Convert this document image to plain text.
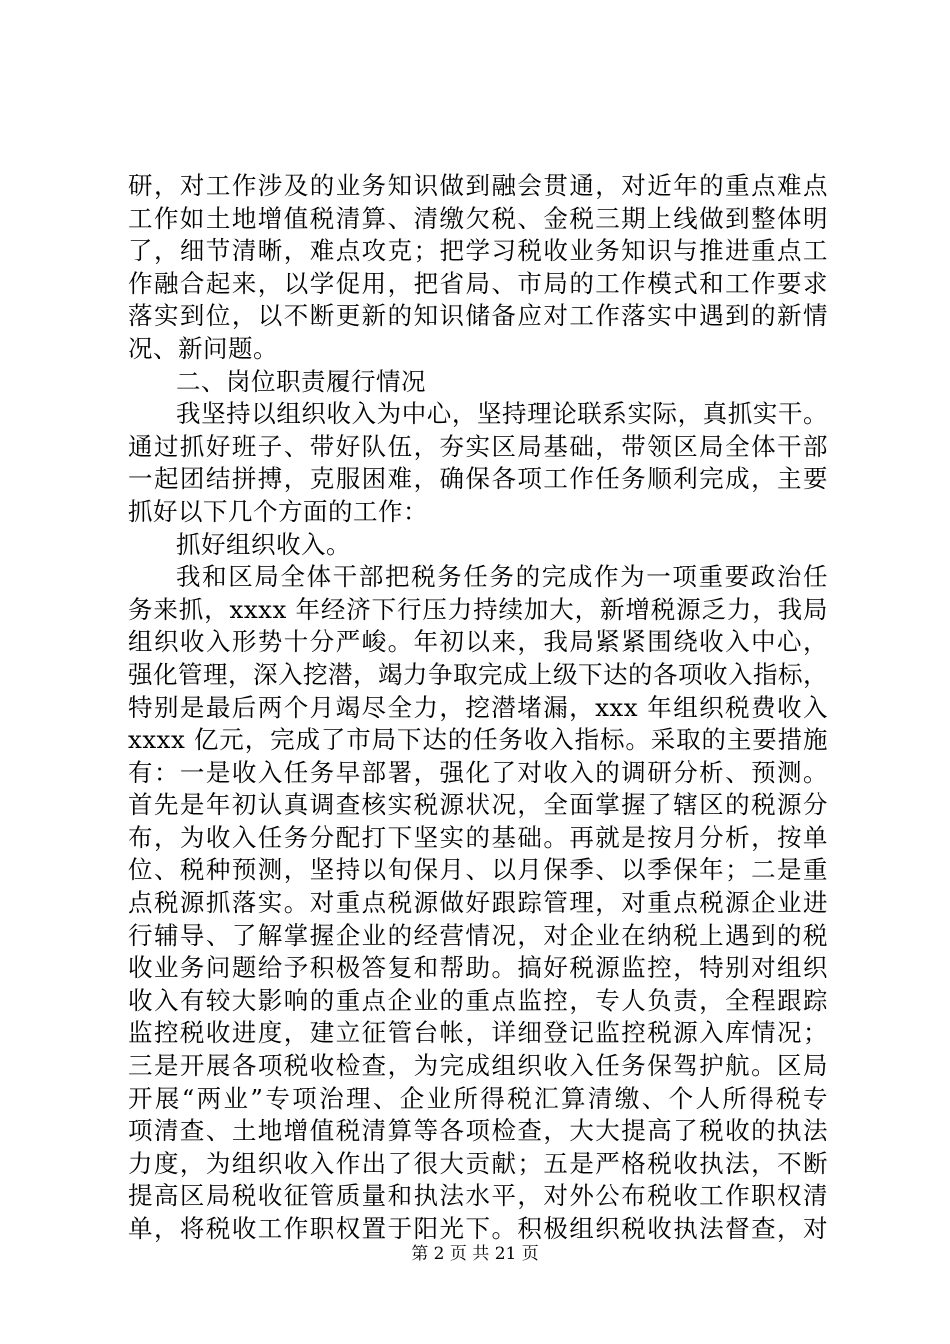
研，对工作涉及的业务知识做到融会贯通，对近年的重点难点
工作如土地增值税清算、清缴欠税、金税三期上线做到整体明
了，细节清晰，难点攻克；把学习税收业务知识与推进重点工
作融合起来，以学促用，把省局、市局的工作模式和工作要求
落实到位，以不断更新的知识储备应对工作落实中遇到的新情
况、新问题。
二、岗位职责履行情况
我坚持以组织收入为中心，坚持理论联系实际，真抓实干。
通过抓好班子、带好队伍，夯实区局基础，带领区局全体干部
一起团结拼搏，克服困难，确保各项工作任务顺利完成，主要
抓好以下几个方面的工作：
抓好组织收入。
我和区局全体干部把税务任务的完成作为一项重要政治任
务来抓，xxxx 年经济下行压力持续加大，新增税源乏力，我局
组织收入形势十分严峻。年初以来，我局紧紧围绕收入中心，
强化管理，深入挖潜，竭力争取完成上级下达的各项收入指标，
特别是最后两个月竭尽全力，挖潜堵漏，xxx 年组织税费收入
xxxx 亿元，完成了市局下达的任务收入指标。采取的主要措施
有：一是收入任务早部署，强化了对收入的调研分析、预测。
首先是年初认真调查核实税源状况，全面掌握了辖区的税源分
布，为收入任务分配打下坚实的基础。再就是按月分析，按单
位、税种预测，坚持以旬保月、以月保季、以季保年；二是重
点税源抓落实。对重点税源做好跟踪管理，对重点税源企业进
行辅导、了解掌握企业的经营情况，对企业在纳税上遇到的税
收业务问题给予积极答复和帮助。搞好税源监控，特别对组织
收入有较大影响的重点企业的重点监控，专人负责，全程跟踪
监控税收进度，建立征管台帐，详细登记监控税源入库情况；
三是开展各项税收检查，为完成组织收入任务保驾护航。区局
开展“两业”专项治理、企业所得税汇算清缴、个人所得税专
项清查、土地增值税清算等各项检查，大大提高了税收的执法
力度，为组织收入作出了很大贡献；五是严格税收执法，不断
提高区局税收征管质量和执法水平，对外公布税收工作职权清
单，将税收工作职权置于阳光下。积极组织税收执法督查，对
第 2 页 共 21 页
